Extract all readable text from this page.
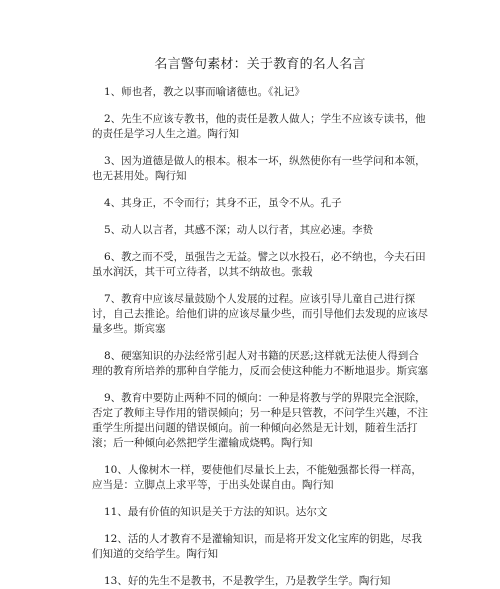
名言警句素材：关于教育的名人名言

1、师也者，教之以事而喻诸德也。《礼记》

2、先生不应该专教书，他的责任是教人做人；学生不应该专读书，他的责任是学习人生之道。陶行知

3、因为道德是做人的根本。根本一坏，纵然使你有一些学问和本领，也无甚用处。陶行知

4、其身正，不令而行；其身不正，虽令不从。孔子

5、动人以言者，其感不深；动人以行者，其应必速。李贽

6、教之而不受，虽强告之无益。譬之以水投石，必不纳也，今夫石田虽水润沃，其干可立待者，以其不纳故也。张载

7、教育中应该尽量鼓励个人发展的过程。应该引导儿童自己进行探讨，自己去推论。给他们讲的应该尽量少些，而引导他们去发现的应该尽量多些。斯宾塞

8、硬塞知识的办法经常引起人对书籍的厌恶;这样就无法使人得到合理的教育所培养的那种自学能力，反而会使这种能力不断地退步。斯宾塞

9、教育中要防止两种不同的倾向：一种是将教与学的界限完全泯除，否定了教师主导作用的错误倾向；另一种是只管教，不问学生兴趣，不注重学生所提出问题的错误倾向。前一种倾向必然是无计划，随着生活打滚；后一种倾向必然把学生灌输成烧鸭。陶行知

10、人像树木一样，要使他们尽量长上去，不能勉强都长得一样高，应当是：立脚点上求平等，于出头处谋自由。陶行知

11、最有价值的知识是关于方法的知识。达尔文

12、活的人才教育不是灌输知识，而是将开发文化宝库的钥匙，尽我们知道的交给学生。陶行知

13、好的先生不是教书，不是教学生，乃是教学生学。陶行知
